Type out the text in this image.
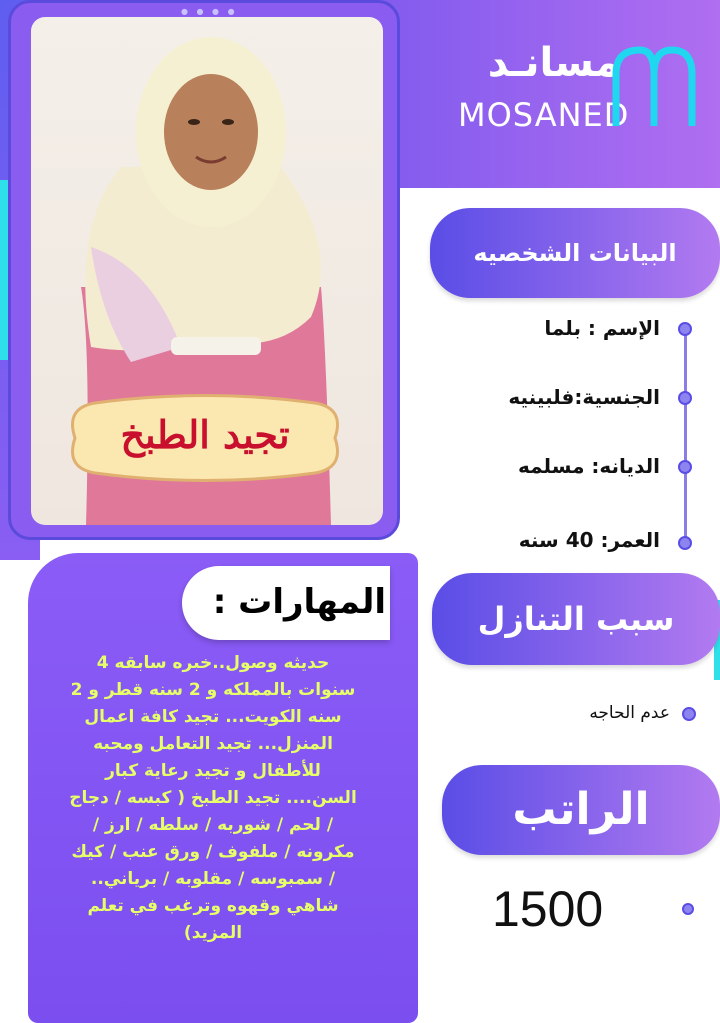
● ● ● ●
تجيد الطبخ
مسانـد
MOSANED
البيانات الشخصيه
الإسم : بلما
الجنسية:فلبينيه
الديانه: مسلمه
العمر: 40 سنه
المهارات :
حديثه وصول..خبره سابقه 4 سنوات بالمملكه و 2 سنه قطر و 2 سنه الكويت... تجيد كافة اعمال المنزل... تجيد التعامل ومحبه للأطفال و تجيد رعاية كبار السن.... تجيد الطبخ ( كبسه / دجاج / لحم / شوربه / سلطه / ارز / مكرونه / ملفوف / ورق عنب / كيك / سمبوسه / مقلوبه / برياني.. شاهي وقهوه وترغب في تعلم المزيد)
سبب التنازل
عدم الحاجه
الراتب
1500
